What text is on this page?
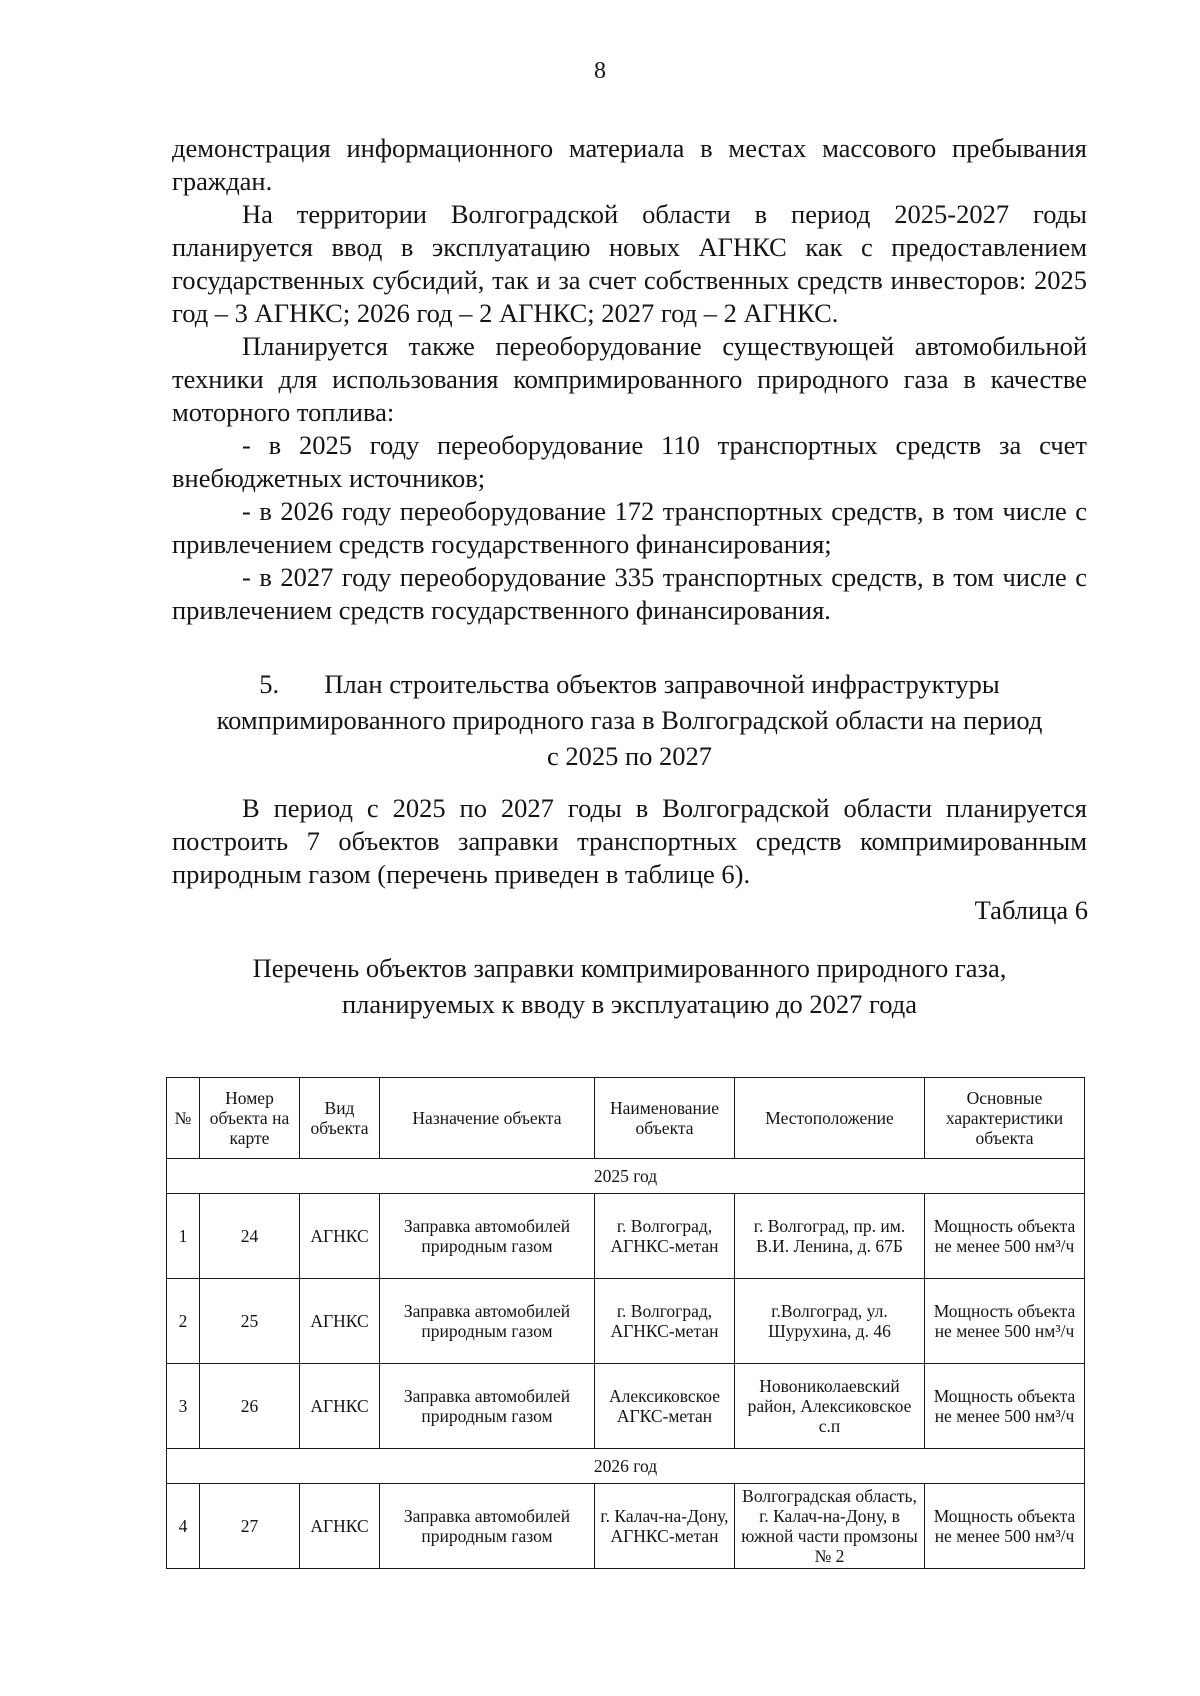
8

демонстрация информационного материала в местах массового пребывания граждан.

На территории Волгоградской области в период 2025-2027 годы планируется ввод в эксплуатацию новых АГНКС как с предоставлением государственных субсидий, так и за счет собственных средств инвесторов: 2025 год – 3 АГНКС; 2026 год – 2 АГНКС; 2027 год – 2 АГНКС.

Планируется также переоборудование существующей автомобильной техники для использования компримированного природного газа в качестве моторного топлива:

- в 2025 году переоборудование 110 транспортных средств за счет внебюджетных источников;

- в 2026 году переоборудование 172 транспортных средств, в том числе с привлечением средств государственного финансирования;

- в 2027 году переоборудование 335 транспортных средств, в том числе с привлечением средств государственного финансирования.

5. План строительства объектов заправочной инфраструктуры
компримированного природного газа в Волгоградской области на период
с 2025 по 2027

В период с 2025 по 2027 годы в Волгоградской области планируется построить 7 объектов заправки транспортных средств компримированным природным газом (перечень приведен в таблице 6).

Таблица 6
Перечень объектов заправки компримированного природного газа,
планируемых к вводу в эксплуатацию до 2027 года
№	Номер объекта на карте	Вид объекта	Назначение объекта	Наименование объекта	Местоположение	Основные характеристики объекта
2025 год						
1	24	АГНКС	Заправка автомобилей природным газом	г. Волгоград, АГНКС-метан	г. Волгоград, пр. им. В.И. Ленина, д. 67Б	Мощность объекта не менее 500 нм³/ч
2	25	АГНКС	Заправка автомобилей природным газом	г. Волгоград, АГНКС-метан	г.Волгоград, ул. Шурухина, д. 46	Мощность объекта не менее 500 нм³/ч
3	26	АГНКС	Заправка автомобилей природным газом	Алексиковское АГКС-метан	Новониколаевский район, Алексиковское с.п	Мощность объекта не менее 500 нм³/ч
2026 год						
4	27	АГНКС	Заправка автомобилей природным газом	г. Калач-на-Дону, АГНКС-метан	Волгоградская область, г. Калач-на-Дону, в южной части промзоны № 2	Мощность объекта не менее 500 нм³/ч
